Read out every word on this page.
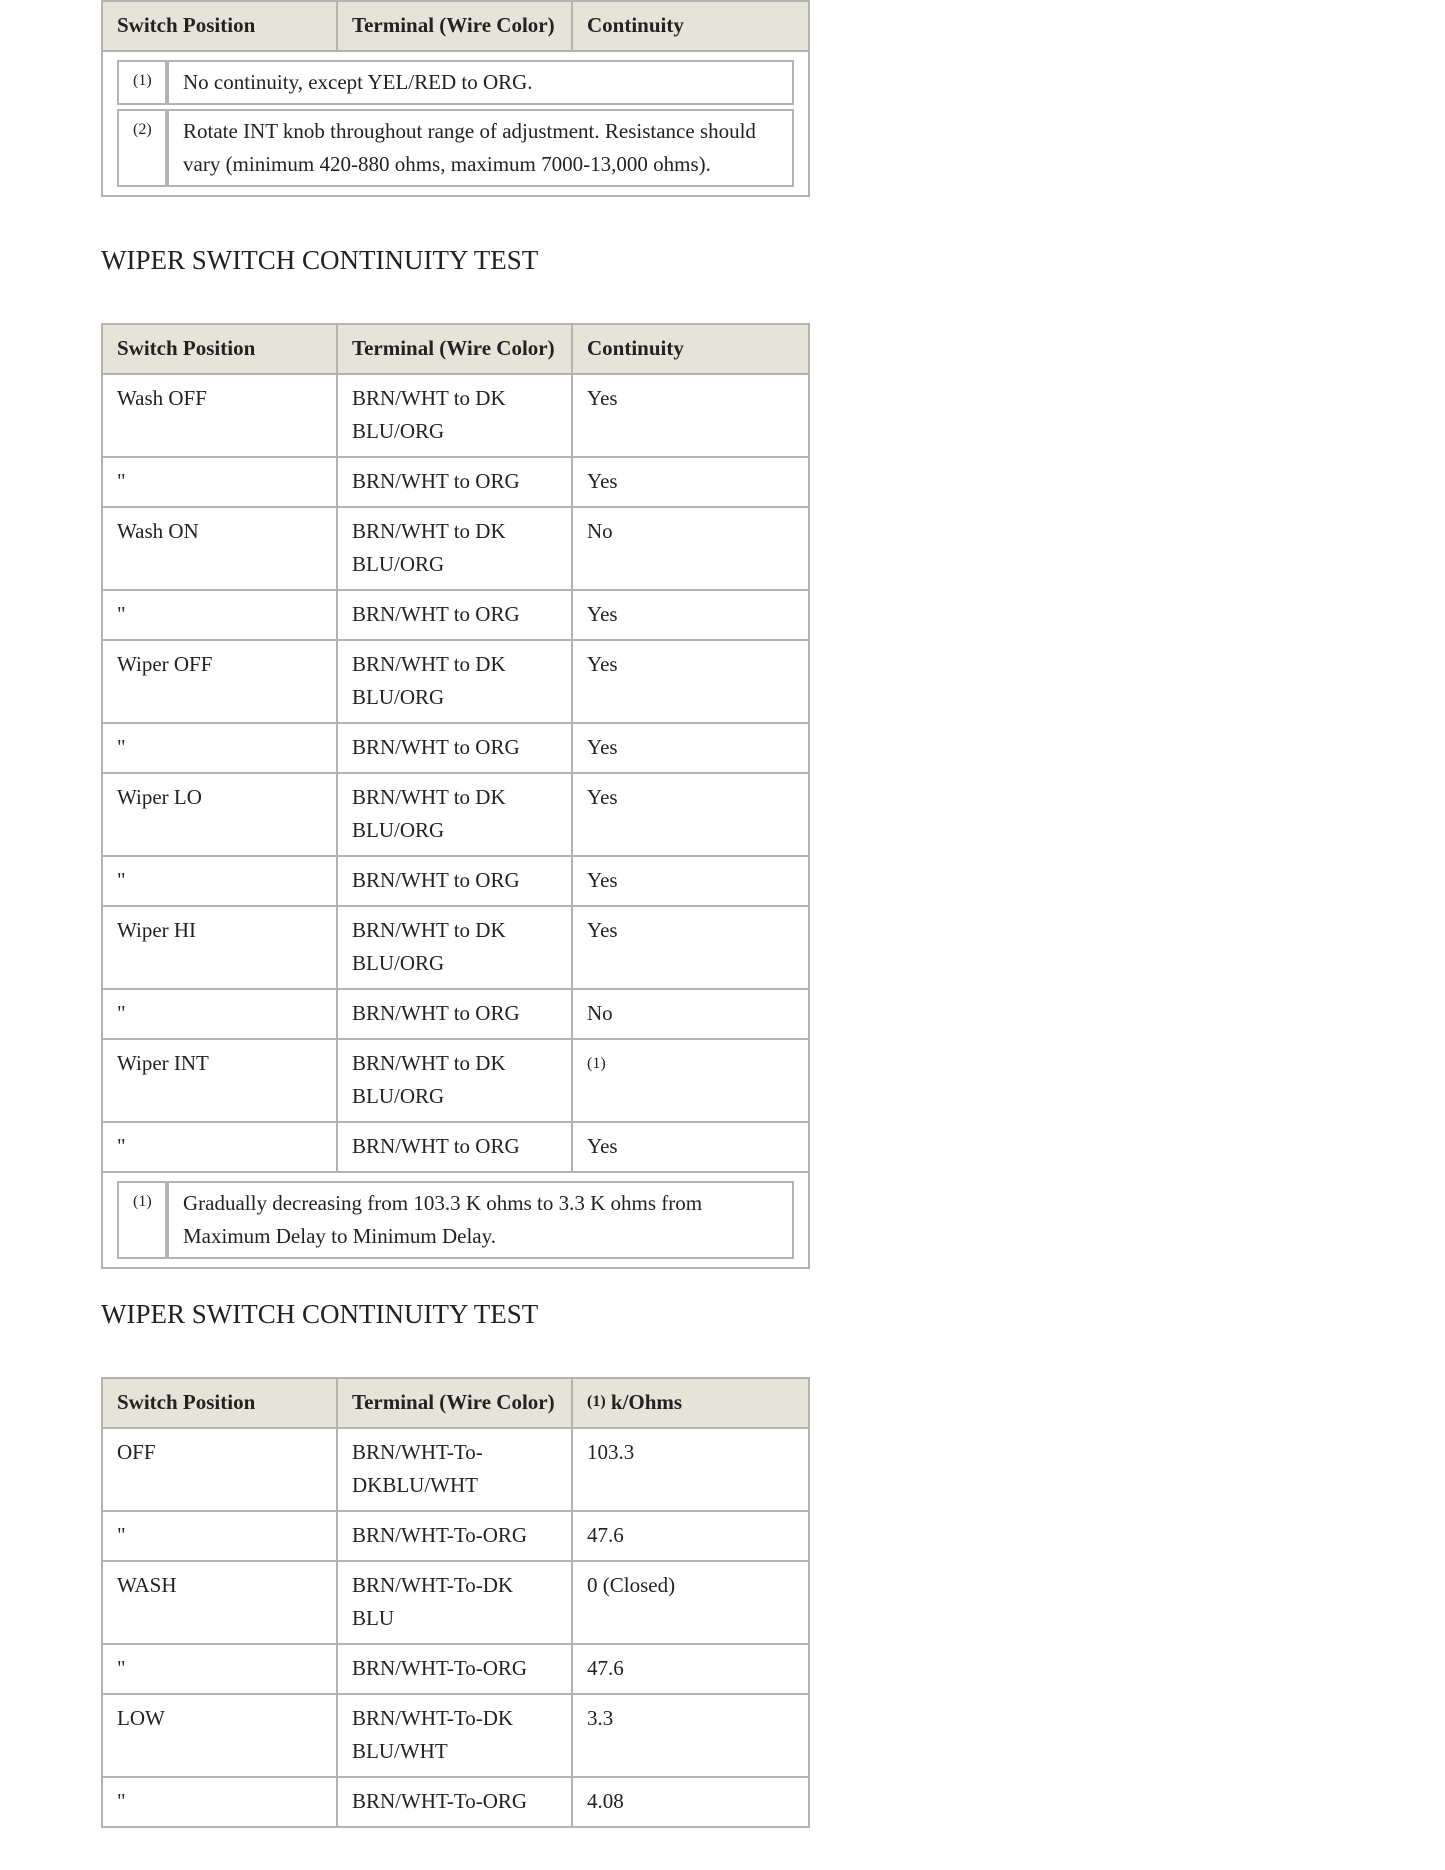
Switch Position	Terminal (Wire Color)	Continuity

(1)	No continuity, except YEL/RED to ORG.

(2)	Rotate INT knob throughout range of adjustment. Resistance should vary (minimum 420-880 ohms, maximum 7000-13,000 ohms).
WIPER SWITCH CONTINUITY TEST
Switch Position	Terminal (Wire Color)	Continuity
Wash OFF	BRN/WHT to DK BLU/ORG	Yes
"	BRN/WHT to ORG	Yes
Wash ON	BRN/WHT to DK BLU/ORG	No
"	BRN/WHT to ORG	Yes
Wiper OFF	BRN/WHT to DK BLU/ORG	Yes
"	BRN/WHT to ORG	Yes
Wiper LO	BRN/WHT to DK BLU/ORG	Yes
"	BRN/WHT to ORG	Yes
Wiper HI	BRN/WHT to DK BLU/ORG	Yes
"	BRN/WHT to ORG	No
Wiper INT	BRN/WHT to DK BLU/ORG	(1)
"	BRN/WHT to ORG	Yes

(1)	Gradually decreasing from 103.3 K ohms to 3.3 K ohms from Maximum Delay to Minimum Delay.
WIPER SWITCH CONTINUITY TEST
Switch Position	Terminal (Wire Color)	$^{(1)}$ k/Ohms
OFF	BRN/WHT-To-DKBLU/WHT	103.3
"	BRN/WHT-To-ORG	47.6
WASH	BRN/WHT-To-DK BLU	0 (Closed)
"	BRN/WHT-To-ORG	47.6
LOW	BRN/WHT-To-DK BLU/WHT	3.3
"	BRN/WHT-To-ORG	4.08
